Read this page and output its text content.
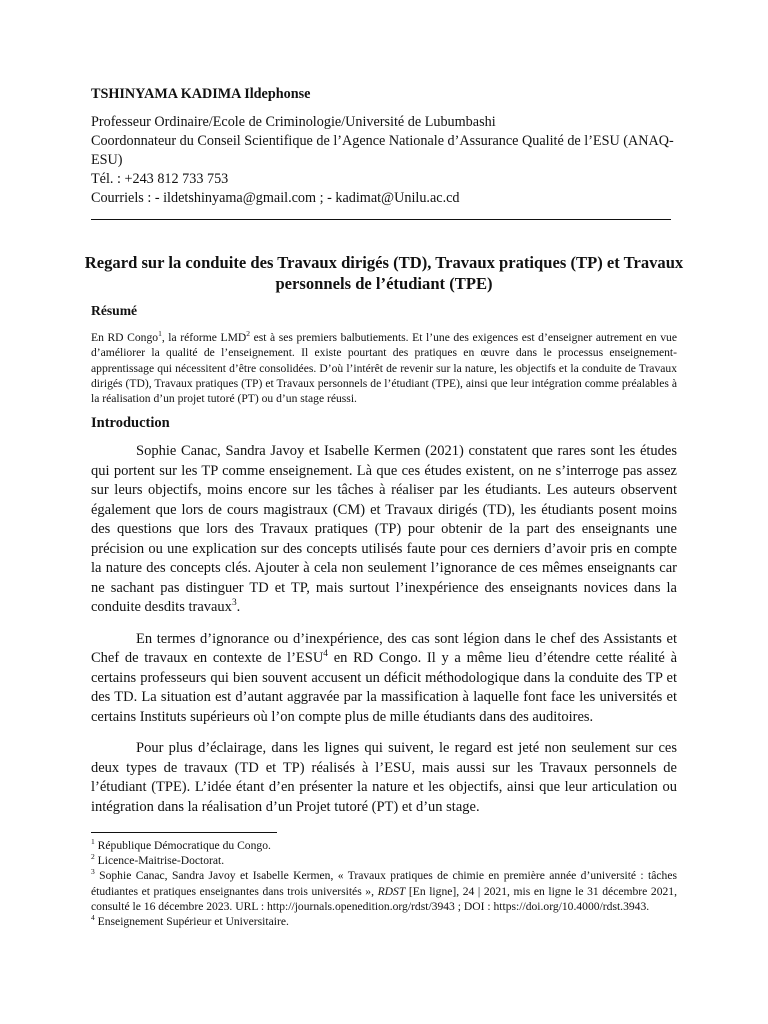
TSHINYAMA KADIMA Ildephonse
Professeur Ordinaire/Ecole de Criminologie/Université de Lubumbashi
Coordonnateur du Conseil Scientifique de l’Agence Nationale d’Assurance Qualité de l’ESU (ANAQ-ESU)
Tél. : +243 812 733 753
Courriels : - ildetshinyama@gmail.com ; - kadimat@Unilu.ac.cd
Regard sur la conduite des Travaux dirigés (TD), Travaux pratiques (TP) et Travaux personnels de l’étudiant (TPE)
Résumé
En RD Congo$^1$, la réforme LMD$^2$ est à ses premiers balbutiements. Et l’une des exigences est d’enseigner autrement en vue d’améliorer la qualité de l’enseignement. Il existe pourtant des pratiques en œuvre dans le processus enseignement-apprentissage qui nécessitent d’être consolidées. D’où l’intérêt de revenir sur la nature, les objectifs et la conduite de Travaux dirigés (TD), Travaux pratiques (TP) et Travaux personnels de l’étudiant (TPE), ainsi que leur intégration comme préalables à la réalisation d’un projet tutoré (PT) ou d’un stage réussi.
Introduction

Sophie Canac, Sandra Javoy et Isabelle Kermen (2021) constatent que rares sont les études qui portent sur les TP comme enseignement. Là que ces études existent, on ne s’interroge pas assez sur leurs objectifs, moins encore sur les tâches à réaliser par les étudiants. Les auteurs observent également que lors de cours magistraux (CM) et Travaux dirigés (TD), les étudiants posent moins des questions que lors des Travaux pratiques (TP) pour obtenir de la part des enseignants une précision ou une explication sur des concepts utilisés faute pour ces derniers d’avoir pris en compte la nature des concepts clés. Ajouter à cela non seulement l’ignorance de ces mêmes enseignants car ne sachant pas distinguer TD et TP, mais surtout l’inexpérience des enseignants novices dans la conduite desdits travaux$^3$.

En termes d’ignorance ou d’inexpérience, des cas sont légion dans le chef des Assistants et Chef de travaux en contexte de l’ESU$^4$ en RD Congo. Il y a même lieu d’étendre cette réalité à certains professeurs qui bien souvent accusent un déficit méthodologique dans la conduite des TP et des TD. La situation est d’autant aggravée par la massification à laquelle font face les universités et certains Instituts supérieurs où l’on compte plus de mille étudiants dans des auditoires.

Pour plus d’éclairage, dans les lignes qui suivent, le regard est jeté non seulement sur ces deux types de travaux (TD et TP) réalisés à l’ESU, mais aussi sur les Travaux personnels de l’étudiant (TPE). L’idée étant d’en présenter la nature et les objectifs, ainsi que leur articulation ou intégration dans la réalisation d’un Projet tutoré (PT) et d’un stage.

$^1$ République Démocratique du Congo.
$^2$ Licence-Maitrise-Doctorat.
$^3$ Sophie Canac, Sandra Javoy et Isabelle Kermen, « Travaux pratiques de chimie en première année d’université : tâches étudiantes et pratiques enseignantes dans trois universités », RDST [En ligne], 24 | 2021, mis en ligne le 31 décembre 2021, consulté le 16 décembre 2023. URL : http://journals.openedition.org/rdst/3943 ; DOI : https://doi.org/10.4000/rdst.3943.
$^4$ Enseignement Supérieur et Universitaire.
